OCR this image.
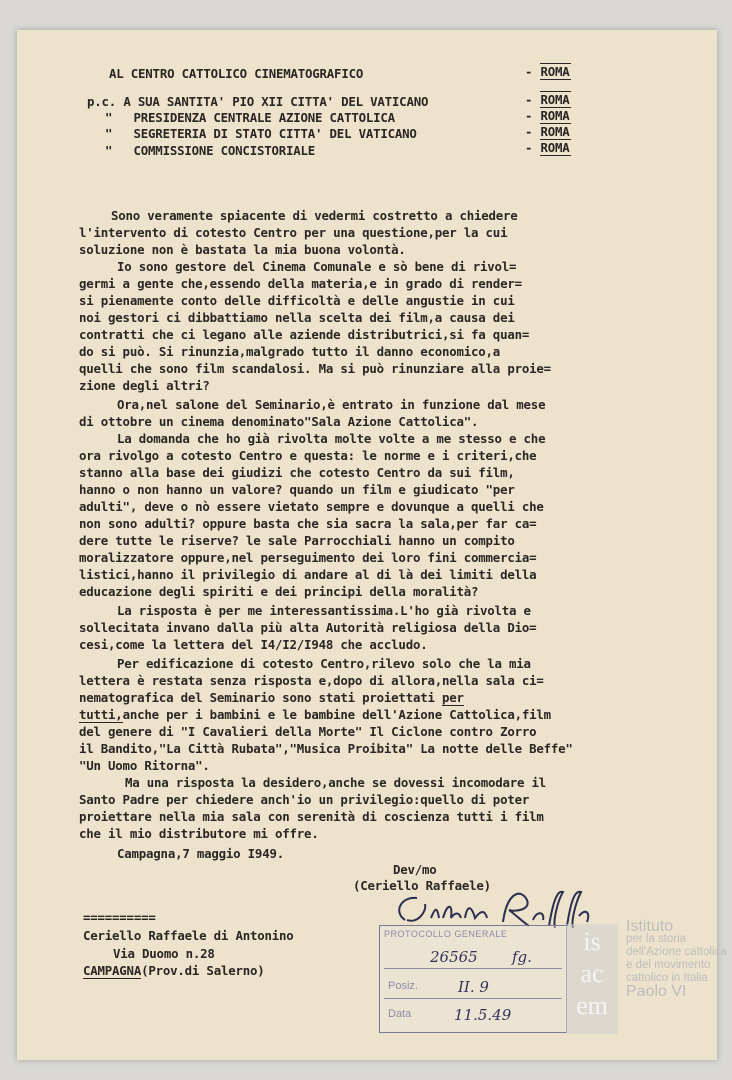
AL CENTRO CATTOLICO CINEMATOGRAFICO	- ROMA
p.c. A SUA SANTITA' PIO XII CITTA' DEL VATICANO	- ROMA
" PRESIDENZA CENTRALE AZIONE CATTOLICA	- ROMA
" SEGRETERIA DI STATO CITTA' DEL VATICANO	- ROMA
" COMMISSIONE CONCISTORIALE	- ROMA
Sono veramente spiacente di vedermi costretto a chiedere
l'intervento di cotesto Centro per una questione,per la cui
soluzione non è bastata la mia buona volontà.
Io sono gestore del Cinema Comunale e sò bene di rivol=
germi a gente che,essendo della materia,e in grado di render=
si pienamente conto delle difficoltà e delle angustie in cui
noi gestori ci dibbattiamo nella scelta dei film,a causa dei
contratti che ci legano alle aziende distributrici,si fa quan=
do si può. Si rinunzia,malgrado tutto il danno economico,a
quelli che sono film scandalosi. Ma si può rinunziare alla proie=
zione degli altri?
Ora,nel salone del Seminario,è entrato in funzione dal mese
di ottobre un cinema denominato"Sala Azione Cattolica".
La domanda che ho già rivolta molte volte a me stesso e che
ora rivolgo a cotesto Centro e questa: le norme e i criteri,che
stanno alla base dei giudizi che cotesto Centro da sui film,
hanno o non hanno un valore? quando un film e giudicato "per
adulti", deve o nò essere vietato sempre e dovunque a quelli che
non sono adulti? oppure basta che sia sacra la sala,per far ca=
dere tutte le riserve? le sale Parrocchiali hanno un compito
moralizzatore oppure,nel perseguimento dei loro fini commercia=
listici,hanno il privilegio di andare al di là dei limiti della
educazione degli spiriti e dei principi della moralità?
La risposta è per me interessantissima.L'ho già rivolta e
sollecitata invano dalla più alta Autorità religiosa della Dio=
cesi,come la lettera del I4/I2/I948 che accludo.
Per edificazione di cotesto Centro,rilevo solo che la mia
lettera è restata senza risposta e,dopo di allora,nella sala ci=
nematografica del Seminario sono stati proiettati per
tutti,anche per i bambini e le bambine dell'Azione Cattolica,film
del genere di "I Cavalieri della Morte" Il Ciclone contro Zorro
il Bandito,"La Città Rubata","Musica Proibita" La notte delle Beffe"
"Un Uomo Ritorna".
Ma una risposta la desidero,anche se dovessi incomodare il
Santo Padre per chiedere anch'io un privilegio:quello di poter
proiettare nella mia sala con serenità di coscienza tutti i film
che il mio distributore mi offre.
Campagna,7 maggio I949.
Dev/mo
(Ceriello Raffaele)
==========
Ceriello Raffaele di Antonino
Via Duomo n.28
CAMPAGNA(Prov.di Salerno)
PROTOCOLLO GENERALE
26565 fg.
Posiz.	II. 9
Data	11.5.49
is
ac
em
Istituto
per la storia
dell'Azione cattolica
e del movimento
cattolico in Italia
Paolo VI
